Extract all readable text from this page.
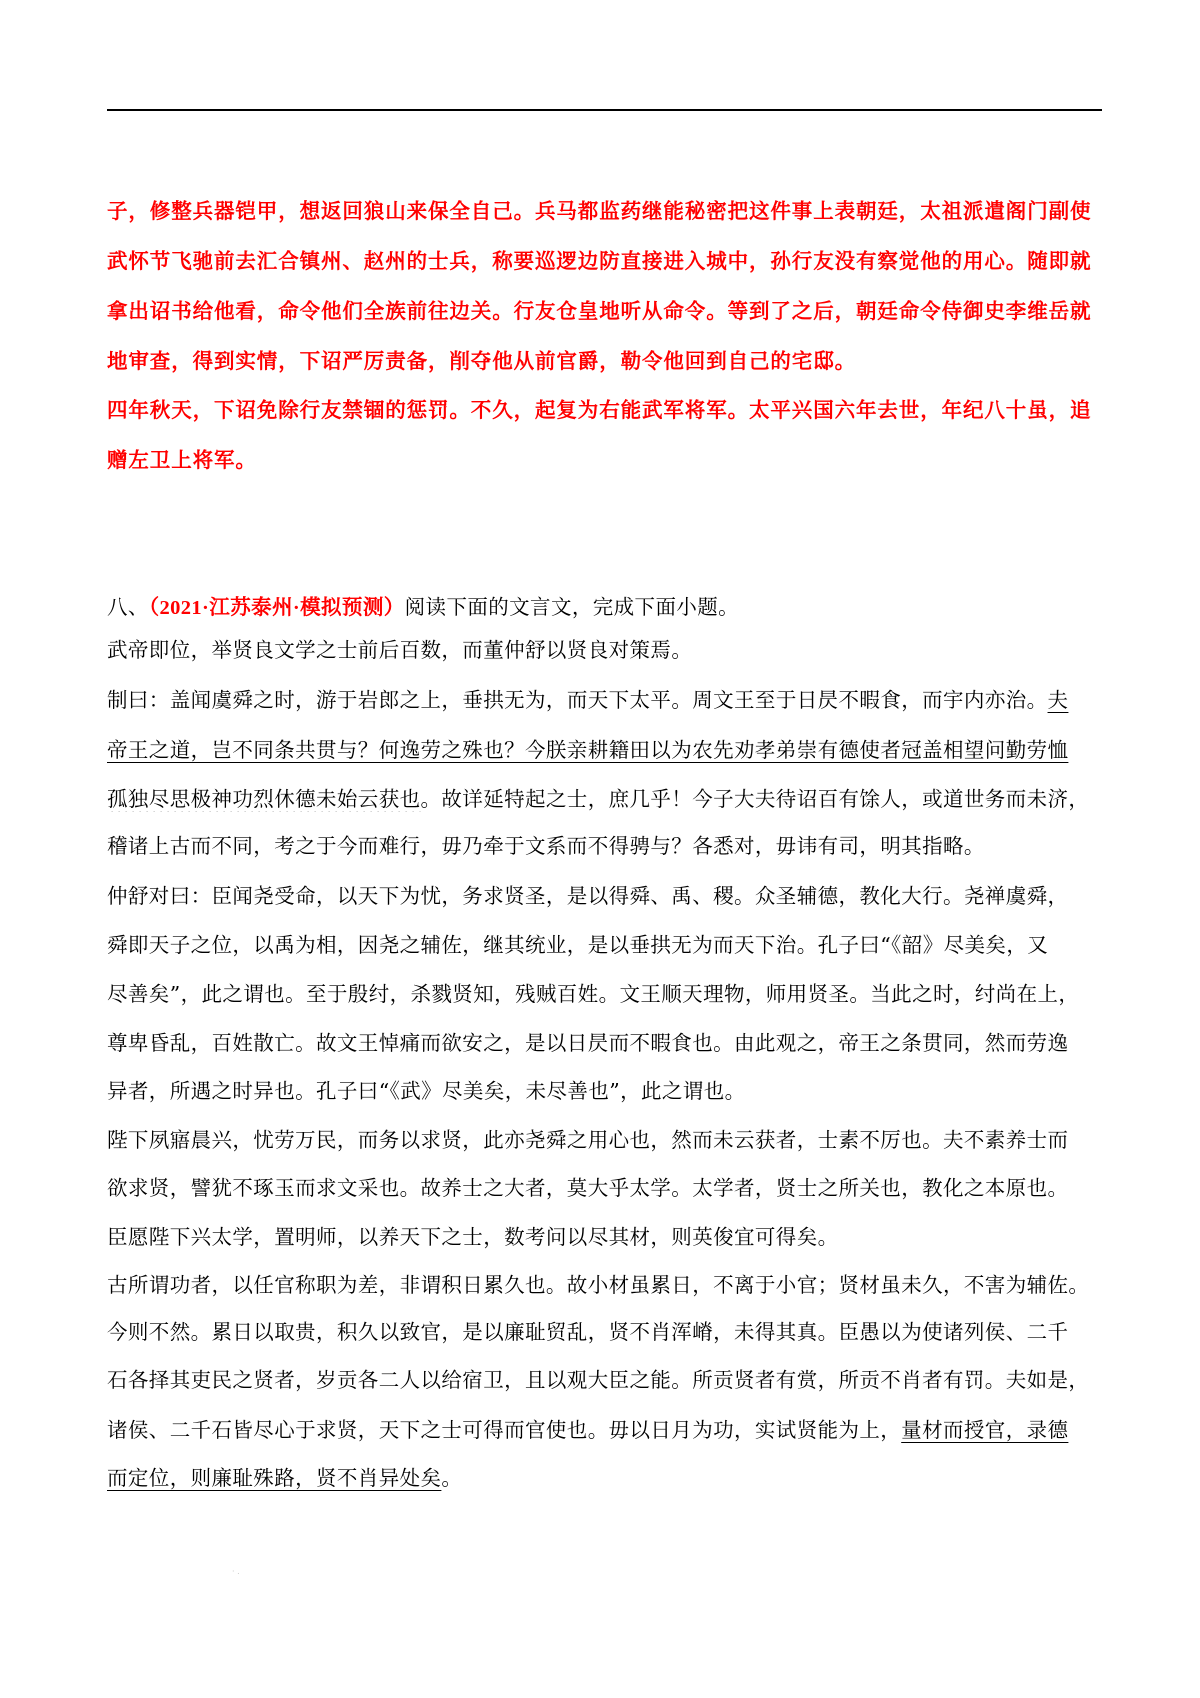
子，修整兵器铠甲，想返回狼山来保全自己。兵马都监药继能秘密把这件事上表朝廷，太祖派遣阁门副使
武怀节飞驰前去汇合镇州、赵州的士兵，称要巡逻边防直接进入城中，孙行友没有察觉他的用心。随即就
拿出诏书给他看，命令他们全族前往边关。行友仓皇地听从命令。等到了之后，朝廷命令侍御史李维岳就
地审查，得到实情，下诏严厉责备，削夺他从前官爵，勒令他回到自己的宅邸。
四年秋天，下诏免除行友禁锢的惩罚。不久，起复为右能武军将军。太平兴国六年去世，年纪八十虽，追
赠左卫上将军。
八、（2021·江苏泰州·模拟预测）阅读下面的文言文，完成下面小题。
武帝即位，举贤良文学之士前后百数，而董仲舒以贤良对策焉。
制曰：盖闻虞舜之时，游于岩郎之上，垂拱无为，而天下太平。周文王至于日昃不暇食，而宇内亦治。夫
帝王之道，岂不同条共贯与？何逸劳之殊也？今朕亲耕籍田以为农先劝孝弟崇有德使者冠盖相望问勤劳恤
孤独尽思极神功烈休德未始云获也。故详延特起之士，庶几乎！今子大夫待诏百有馀人，或道世务而未济，
稽诸上古而不同，考之于今而难行，毋乃牵于文系而不得骋与？各悉对，毋讳有司，明其指略。
仲舒对曰：臣闻尧受命，以天下为忧，务求贤圣，是以得舜、禹、稷。众圣辅德，教化大行。尧禅虞舜，
舜即天子之位，以禹为相，因尧之辅佐，继其统业，是以垂拱无为而天下治。孔子曰“《韶》尽美矣，又
尽善矣”，此之谓也。至于殷纣，杀戮贤知，残贼百姓。文王顺天理物，师用贤圣。当此之时，纣尚在上，
尊卑昏乱，百姓散亡。故文王悼痛而欲安之，是以日昃而不暇食也。由此观之，帝王之条贯同，然而劳逸
异者，所遇之时异也。孔子曰“《武》尽美矣，未尽善也”，此之谓也。
陛下夙寤晨兴，忧劳万民，而务以求贤，此亦尧舜之用心也，然而未云获者，士素不厉也。夫不素养士而
欲求贤，譬犹不琢玉而求文采也。故养士之大者，莫大乎太学。太学者，贤士之所关也，教化之本原也。
臣愿陛下兴太学，置明师，以养天下之士，数考问以尽其材，则英俊宜可得矣。
古所谓功者，以任官称职为差，非谓积日累久也。故小材虽累日，不离于小官；贤材虽未久，不害为辅佐。
今则不然。累日以取贵，积久以致官，是以廉耻贸乱，贤不肖浑嵴，未得其真。臣愚以为使诸列侯、二千
石各择其吏民之贤者，岁贡各二人以给宿卫，且以观大臣之能。所贡贤者有赏，所贡不肖者有罚。夫如是，
诸侯、二千石皆尽心于求贤，天下之士可得而官使也。毋以日月为功，实试贤能为上，量材而授官，录德
而定位，则廉耻殊路，贤不肖异处矣。
· .
